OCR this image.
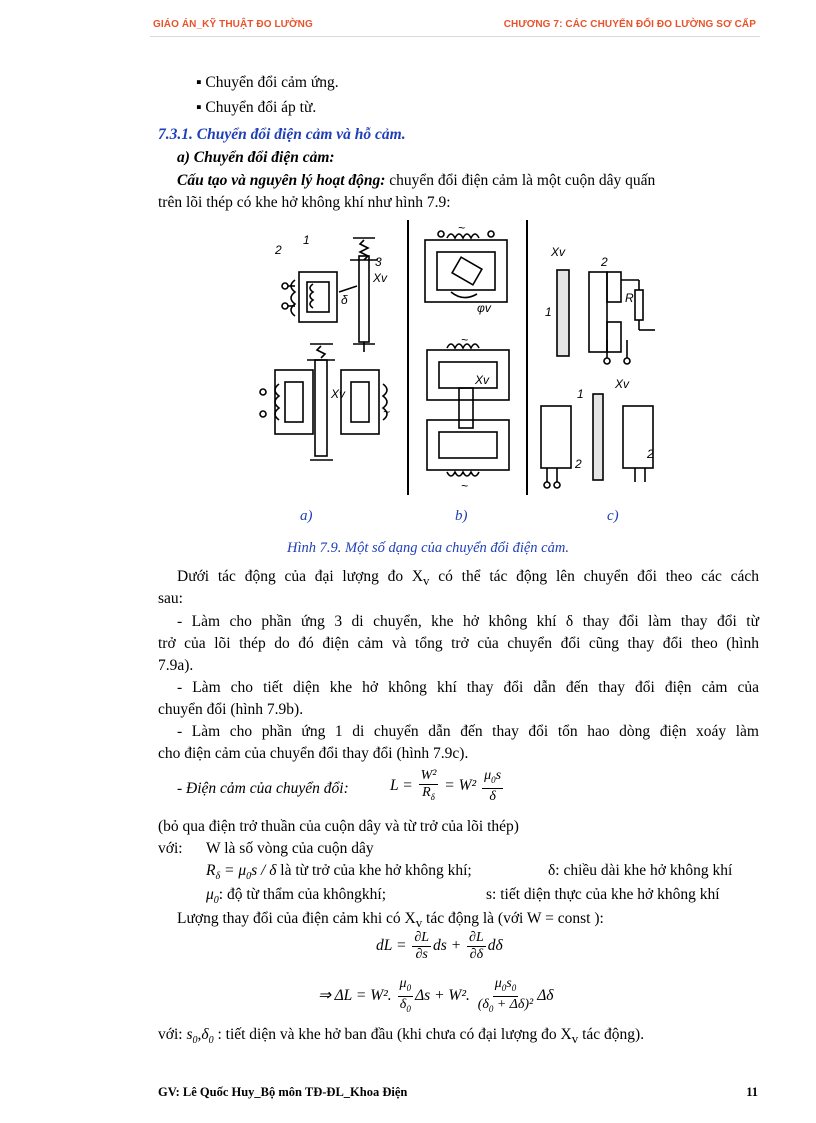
GIÁO ÁN_KỸ THUẬT ĐO LƯỜNG	CHƯƠNG 7: CÁC CHUYỂN ĐỔI ĐO LƯỜNG SƠ CẤP
▪ Chuyển đổi cảm ứng.
▪ Chuyển đổi áp từ.
7.3.1. Chuyển đổi điện cảm và hỗ cảm.
a) Chuyển đổi điện cảm:
Cấu tạo và nguyên lý hoạt động: chuyển đổi điện cảm là một cuộn dây quấn
trên lõi thép có khe hở không khí như hình 7.9:
2
1
3
Xv
δ
Xv
~
~
φv
~
Xv
~
Xv
2
R
1
Xv
1
2
2
a)	b)	c)
Hình 7.9. Một số dạng của chuyển đổi điện cảm.
Dưới tác động của đại lượng đo $X_v$ có thể tác động lên chuyển đổi theo các cách
sau:
- Làm cho phần ứng 3 di chuyển, khe hở không khí δ thay đổi làm thay đổi từ
trở của lõi thép do đó điện cảm và tổng trở của chuyển đổi cũng thay đổi theo (hình
7.9a).
- Làm cho tiết diện khe hở không khí thay đổi dẫn đến thay đổi điện cảm của
chuyển đổi (hình 7.9b).
- Làm cho phần ứng 1 di chuyển dẫn đến thay đổi tổn hao dòng điện xoáy làm
cho điện cảm của chuyển đổi thay đổi (hình 7.9c).
- Điện cảm của chuyển đổi:	$L = \frac{\text{W²}}{R_\delta} = W^2 \frac{\mu_0s}{\delta}$
(bỏ qua điện trở thuần của cuộn dây và từ trở của lõi thép)
với: W là số vòng của cuộn dây
$R_\delta = \mu_0s / \delta$ là từ trở của khe hở không khí;	δ: chiều dài khe hở không khí
$\mu_0$: độ từ thẩm của khôngkhí;	s: tiết diện thực của khe hở không khí
Lượng thay đổi của điện cảm khi có $X_v$ tác động là (với W = const ):
dL = $\frac{\partial L}{\partial s}$ ds + $\frac{\partial L}{\partial\delta}$ dδ
⇒ ΔL = W². $\frac{\mu_0}{\delta_0}$ Δs + W². $\frac{\mu_0s_0}{(\delta_0 + \Delta\delta)^2}$ Δδ
với: $s_0,\delta_0$ : tiết diện và khe hở ban đầu (khi chưa có đại lượng đo $X_v$ tác động).
GV: Lê Quốc Huy_Bộ môn TĐ-ĐL_Khoa Điện	11
